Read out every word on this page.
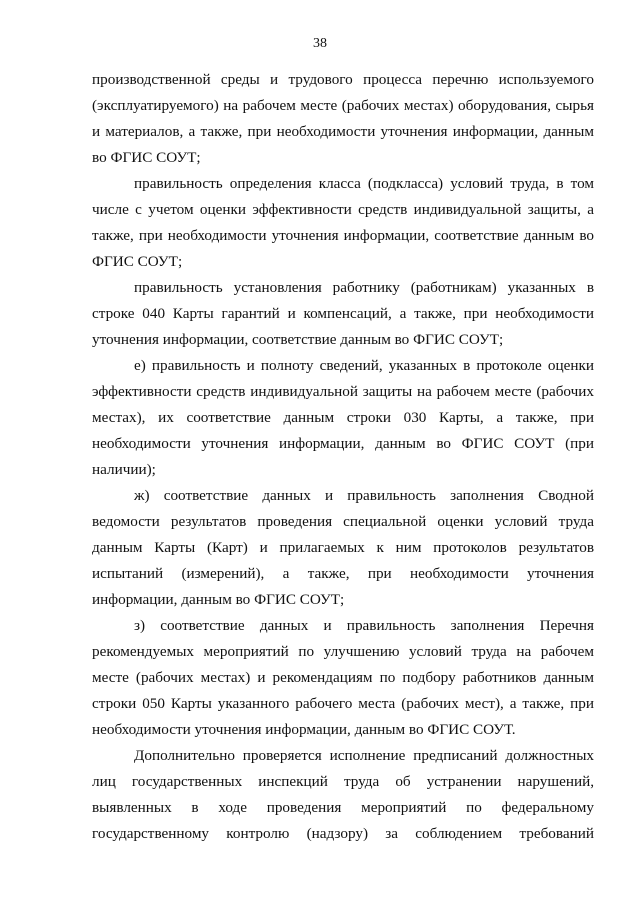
38

производственной среды и трудового процесса перечню используемого (эксплуатируемого) на рабочем месте (рабочих местах) оборудования, сырья и материалов, а также, при необходимости уточнения информации, данным во ФГИС СОУТ;

правильность определения класса (подкласса) условий труда, в том числе с учетом оценки эффективности средств индивидуальной защиты, а также, при необходимости уточнения информации, соответствие данным во ФГИС СОУТ;

правильность установления работнику (работникам) указанных в строке 040 Карты гарантий и компенсаций, а также, при необходимости уточнения информации, соответствие данным во ФГИС СОУТ;

е) правильность и полноту сведений, указанных в протоколе оценки эффективности средств индивидуальной защиты на рабочем месте (рабочих местах), их соответствие данным строки 030 Карты, а также, при необходимости уточнения информации, данным во ФГИС СОУТ (при наличии);

ж) соответствие данных и правильность заполнения Сводной ведомости результатов проведения специальной оценки условий труда данным Карты (Карт) и прилагаемых к ним протоколов результатов испытаний (измерений), а также, при необходимости уточнения информации, данным во ФГИС СОУТ;

з) соответствие данных и правильность заполнения Перечня рекомендуемых мероприятий по улучшению условий труда на рабочем месте (рабочих местах) и рекомендациям по подбору работников данным строки 050 Карты указанного рабочего места (рабочих мест), а также, при необходимости уточнения информации, данным во ФГИС СОУТ.

Дополнительно проверяется исполнение предписаний должностных лиц государственных инспекций труда об устранении нарушений, выявленных в ходе проведения мероприятий по федеральному государственному контролю (надзору) за соблюдением требований
